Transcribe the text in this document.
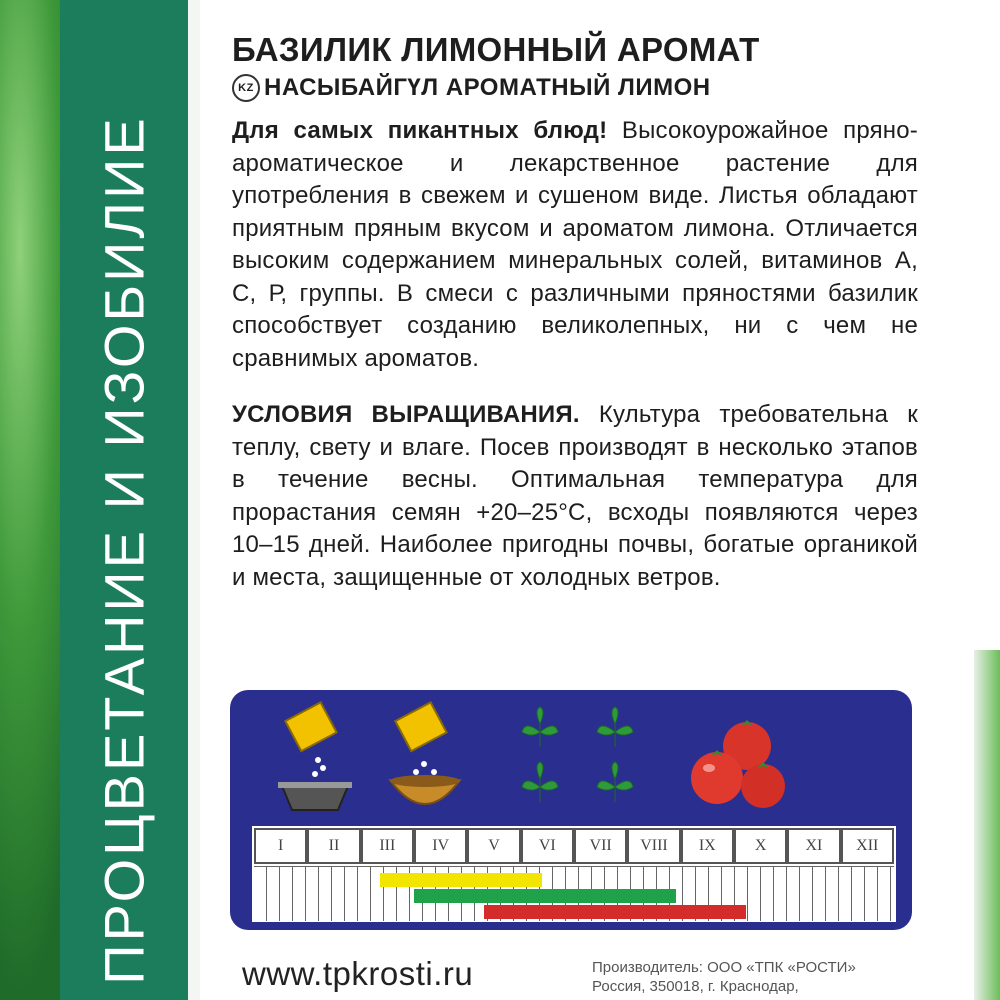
ПРОЦВЕТАНИЕ И ИЗОБИЛИЕ
БАЗИЛИК ЛИМОННЫЙ АРОМАТ
KZ НАСЫБАЙГҮЛ АРОМАТНЫЙ ЛИМОН

Для самых пикантных блюд! Высокоурожайное пряно-ароматическое и лекарственное растение для употребления в свежем и сушеном виде. Листья обладают приятным пряным вкусом и ароматом лимона. Отличается высоким содержанием минеральных солей, витаминов А, С, Р, группы. В смеси с различными пряностями базилик способствует созданию великолепных, ни с чем не сравнимых ароматов.

УСЛОВИЯ ВЫРАЩИВАНИЯ. Культура требовательна к теплу, свету и влаге. Посев производят в несколько этапов в течение весны. Оптимальная температура для прорастания семян +20–25°С, всходы появляются через 10–15 дней. Наиболее пригодны почвы, богатые органикой и места, защищенные от холодных ветров.

I	II	III	IV	V	VI	VII	VIII	IX	X	XI	XII
www.tpkrosti.ru	Производитель: ООО «ТПК «РОСТИ»
Россия, 350018, г. Краснодар,
